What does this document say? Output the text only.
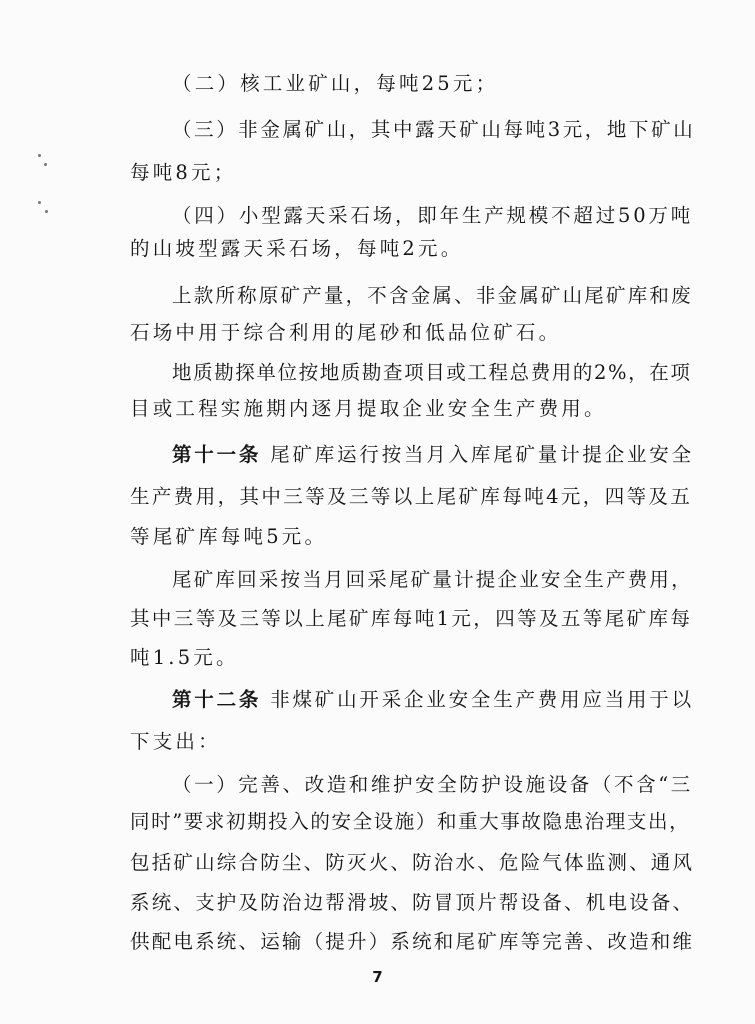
（二）核工业矿山，每吨25元；
（三）非金属矿山，其中露天矿山每吨3元，地下矿山
每吨8元；
（四）小型露天采石场，即年生产规模不超过50万吨
的山坡型露天采石场，每吨2元。
上款所称原矿产量，不含金属、非金属矿山尾矿库和废
石场中用于综合利用的尾砂和低品位矿石。
地质勘探单位按地质勘查项目或工程总费用的2%，在项
目或工程实施期内逐月提取企业安全生产费用。
第十一条 尾矿库运行按当月入库尾矿量计提企业安全
生产费用，其中三等及三等以上尾矿库每吨4元，四等及五
等尾矿库每吨5元。
尾矿库回采按当月回采尾矿量计提企业安全生产费用，
其中三等及三等以上尾矿库每吨1元，四等及五等尾矿库每
吨1.5元。
第十二条 非煤矿山开采企业安全生产费用应当用于以
下支出：
（一）完善、改造和维护安全防护设施设备（不含“三
同时”要求初期投入的安全设施）和重大事故隐患治理支出，
包括矿山综合防尘、防灭火、防治水、危险气体监测、通风
系统、支护及防治边帮滑坡、防冒顶片帮设备、机电设备、
供配电系统、运输（提升）系统和尾矿库等完善、改造和维
7
